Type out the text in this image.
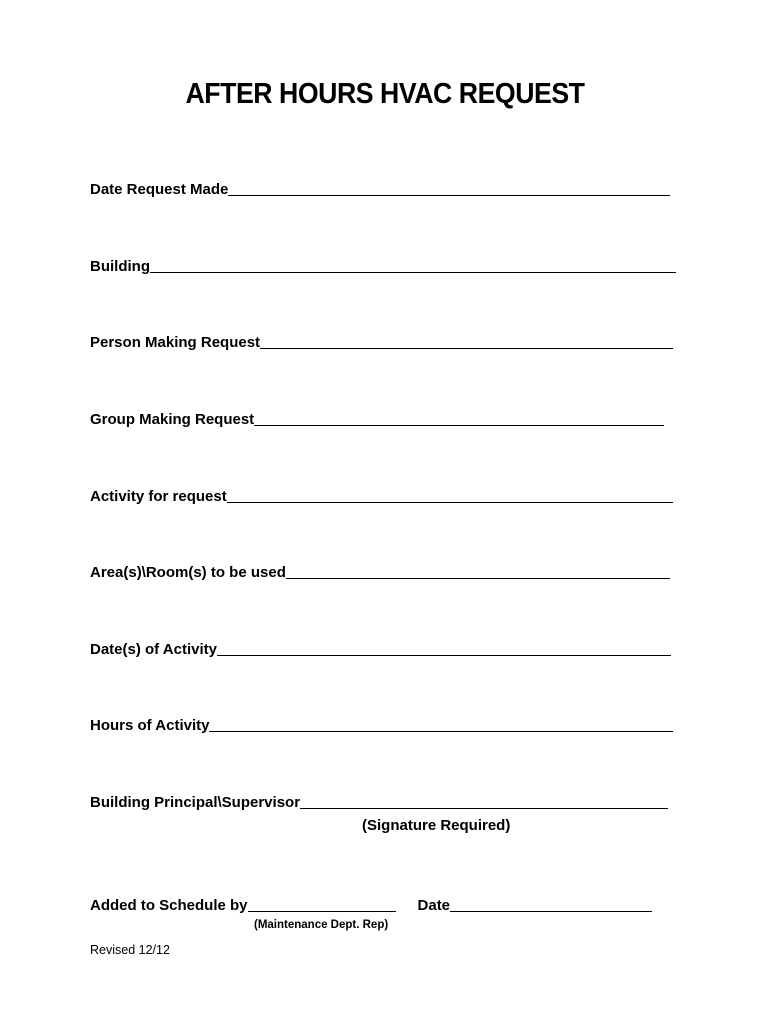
AFTER HOURS HVAC REQUEST
Date Request Made
Building
Person Making Request
Group Making Request
Activity for request
Area(s)\Room(s) to be used
Date(s) of Activity
Hours of Activity
Building Principal\Supervisor
(Signature Required)
Added to Schedule by	Date
(Maintenance Dept. Rep)
Revised 12/12
